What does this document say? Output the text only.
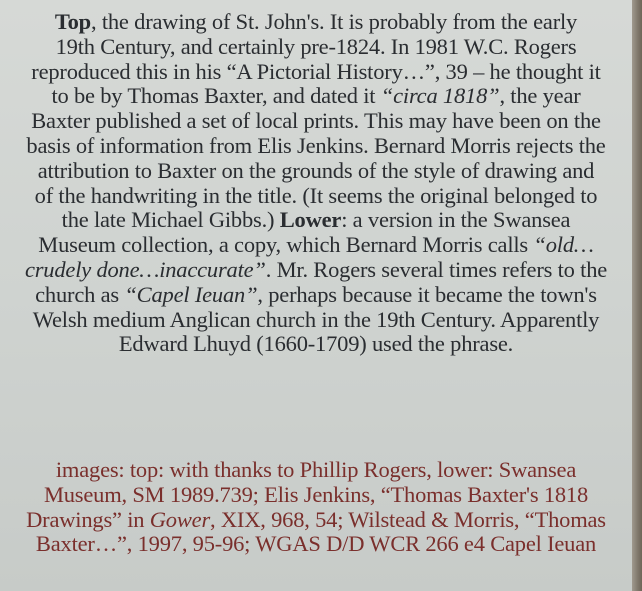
Top, the drawing of St. John's. It is probably from the early
19th Century, and certainly pre-1824. In 1981 W.C. Rogers
reproduced this in his “A Pictorial History…”, 39 – he thought it
to be by Thomas Baxter, and dated it “circa 1818”, the year
Baxter published a set of local prints. This may have been on the
basis of information from Elis Jenkins. Bernard Morris rejects the
attribution to Baxter on the grounds of the style of drawing and
of the handwriting in the title. (It seems the original belonged to
the late Michael Gibbs.) Lower: a version in the Swansea
Museum collection, a copy, which Bernard Morris calls “old…
crudely done…inaccurate”. Mr. Rogers several times refers to the
church as “Capel Ieuan”, perhaps because it became the town's
Welsh medium Anglican church in the 19th Century. Apparently
Edward Lhuyd (1660-1709) used the phrase.
images: top: with thanks to Phillip Rogers, lower: Swansea
Museum, SM 1989.739; Elis Jenkins, “Thomas Baxter's 1818
Drawings” in Gower, XIX, 968, 54; Wilstead & Morris, “Thomas
Baxter…”, 1997, 95-96; WGAS D/D WCR 266 e4 Capel Ieuan
